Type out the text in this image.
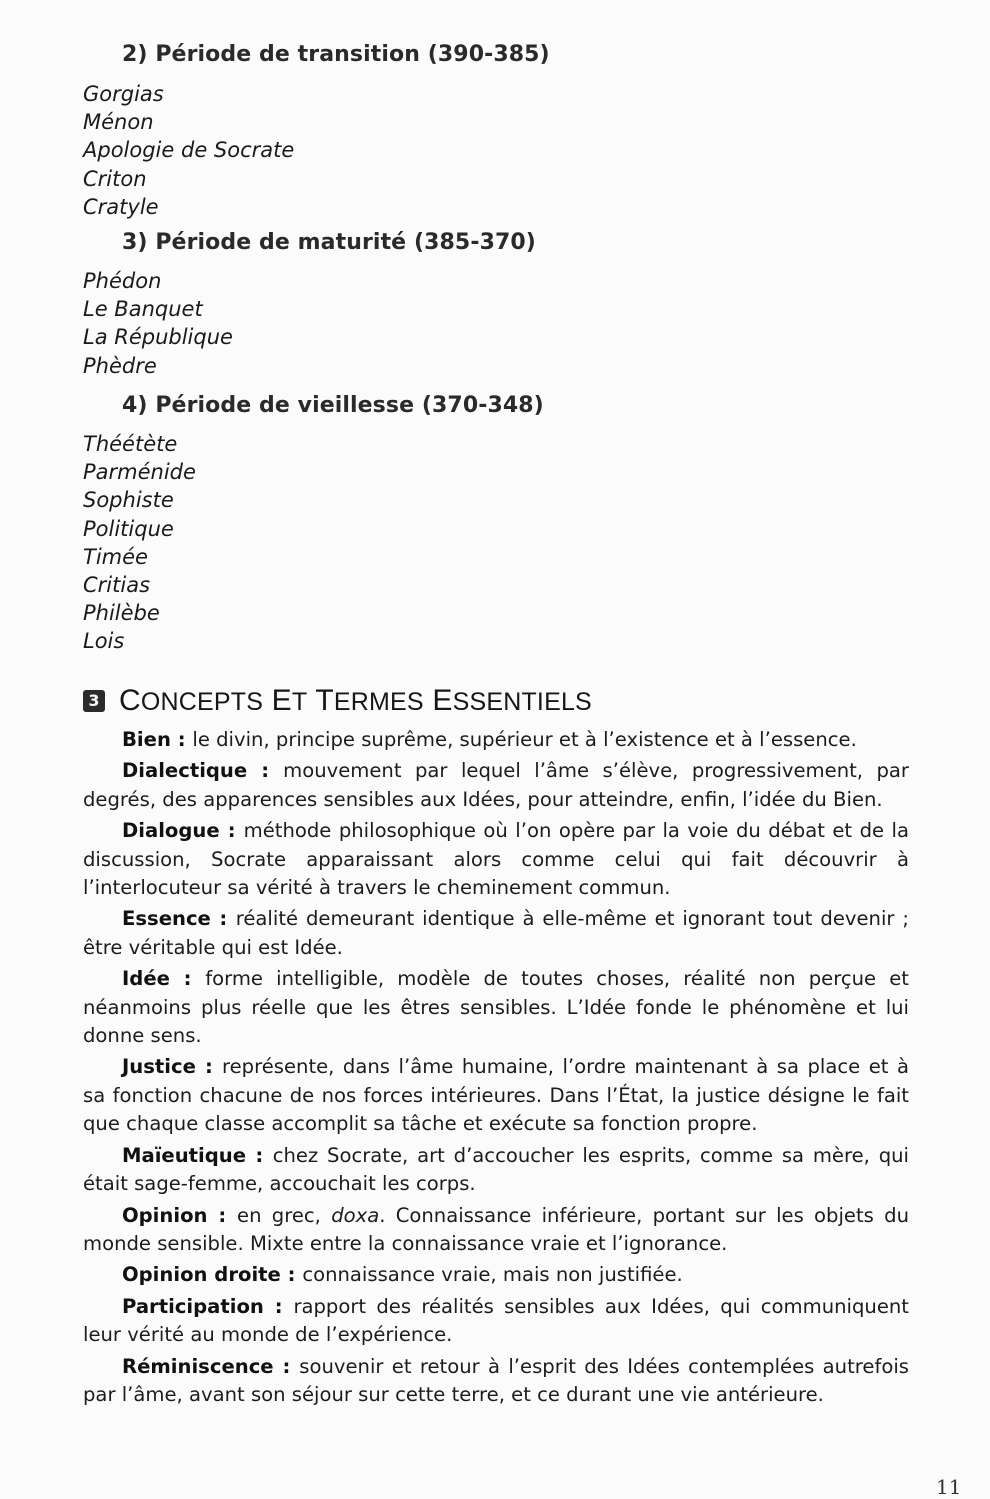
2) Période de transition (390-385)
Gorgias
Ménon
Apologie de Socrate
Criton
Cratyle
3) Période de maturité (385-370)
Phédon
Le Banquet
La République
Phèdre
4) Période de vieillesse (370-348)
Théétète
Parménide
Sophiste
Politique
Timée
Critias
Philèbe
Lois
3 CONCEPTS ET TERMES ESSENTIELS

Bien : le divin, principe suprême, supérieur et à l’existence et à l’essence.

Dialectique : mouvement par lequel l’âme s’élève, progressivement, par degrés, des apparences sensibles aux Idées, pour atteindre, enfin, l’idée du Bien.

Dialogue : méthode philosophique où l’on opère par la voie du débat et de la discussion, Socrate apparaissant alors comme celui qui fait découvrir à l’interlocuteur sa vérité à travers le cheminement commun.

Essence : réalité demeurant identique à elle-même et ignorant tout devenir ; être véritable qui est Idée.

Idée : forme intelligible, modèle de toutes choses, réalité non perçue et néanmoins plus réelle que les êtres sensibles. L’Idée fonde le phénomène et lui donne sens.

Justice : représente, dans l’âme humaine, l’ordre maintenant à sa place et à sa fonction chacune de nos forces intérieures. Dans l’État, la justice désigne le fait que chaque classe accomplit sa tâche et exécute sa fonction propre.

Maïeutique : chez Socrate, art d’accoucher les esprits, comme sa mère, qui était sage-femme, accouchait les corps.

Opinion : en grec, doxa. Connaissance inférieure, portant sur les objets du monde sensible. Mixte entre la connaissance vraie et l’ignorance.

Opinion droite : connaissance vraie, mais non justifiée.

Participation : rapport des réalités sensibles aux Idées, qui communiquent leur vérité au monde de l’expérience.

Réminiscence : souvenir et retour à l’esprit des Idées contemplées autrefois par l’âme, avant son séjour sur cette terre, et ce durant une vie antérieure.

11
